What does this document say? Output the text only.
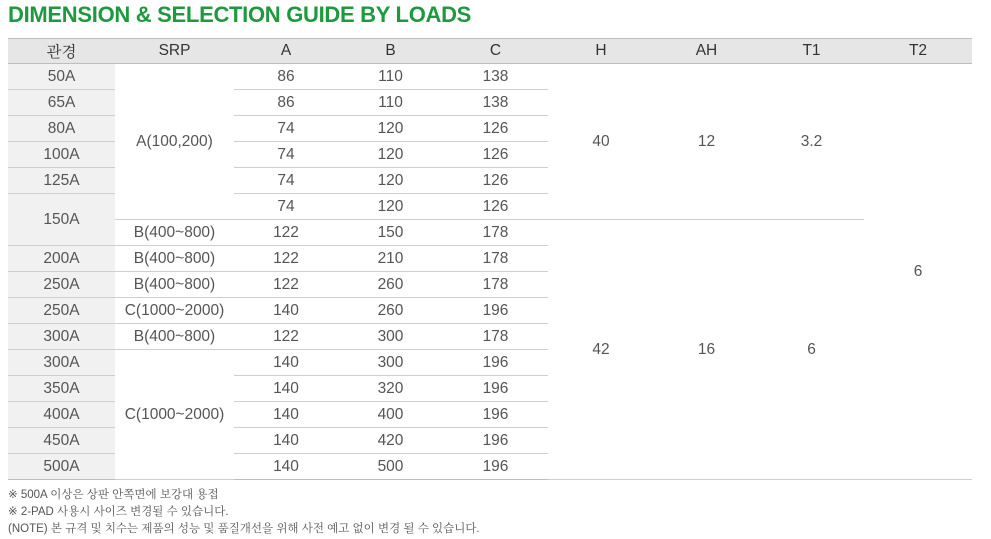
DIMENSION & SELECTION GUIDE BY LOADS
관경	SRP	A	B	C	H	AH	T1	T2
50A	A(100,200)	86	110	138	40	12	3.2	6
65A		86	110	138				
80A		74	120	126				
100A		74	120	126				
125A		74	120	126				
150A		74	120	126				
	B(400~800)	122	150	178	42	16	6	
200A	B(400~800)	122	210	178				
250A	B(400~800)	122	260	178				
250A	C(1000~2000)	140	260	196				
300A	B(400~800)	122	300	178				
300A	C(1000~2000)	140	300	196				
350A		140	320	196				
400A		140	400	196				
450A		140	420	196				
500A		140	500	196				
※ 500A 이상은 상판 안쪽면에 보강대 용접
※ 2-PAD 사용시 사이즈 변경될 수 있습니다.
(NOTE) 본 규격 및 치수는 제품의 성능 및 품질개선을 위해 사전 예고 없이 변경 될 수 있습니다.
